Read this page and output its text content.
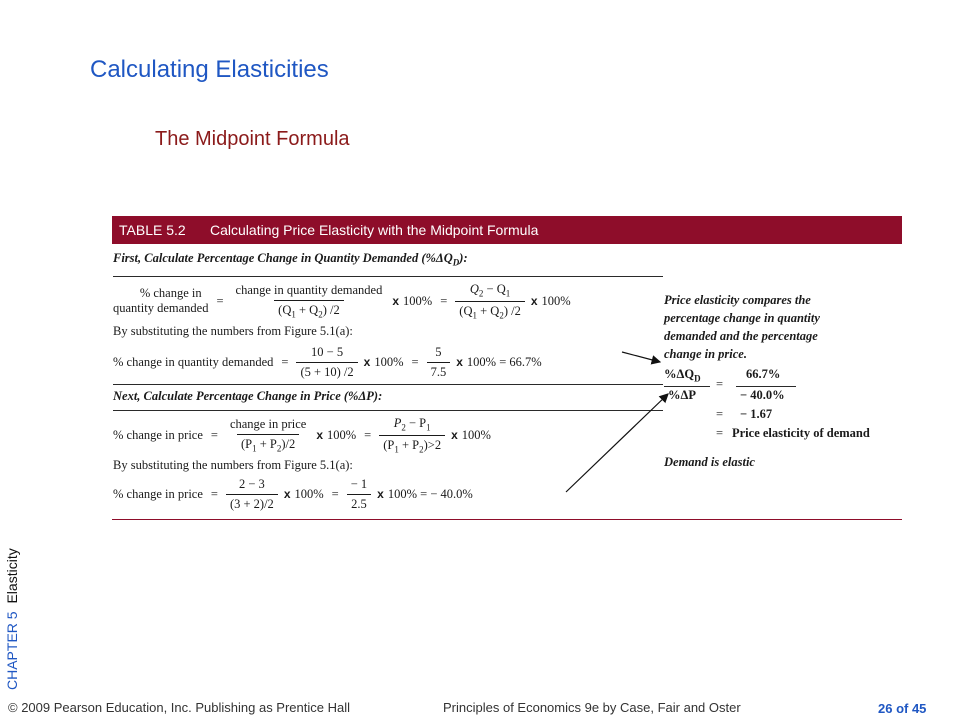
Calculating Elasticities
The Midpoint Formula
TABLE 5.2 Calculating Price Elasticity with the Midpoint Formula
First, Calculate Percentage Change in Quantity Demanded $(\%\Delta Q_D)$:
% change in
quantity demanded
= $\frac{\text{change in quantity demanded}}{(Q_1 + Q_2) /2}$ x $100\% = \frac{Q_2 - Q_1}{(Q_1 + Q_2) /2}$ x 100%
By substituting the numbers from Figure 5.1(a):
% change in quantity demanded = $\frac{10 - 5}{(5 + 10) /2}$ x $100\% = \frac{5}{7.5}$ x 100% = 66.7%
Next, Calculate Percentage Change in Price (%ΔP):
% change in price = $\frac{\text{change in price}}{(P_1 + P_2)/2}$ x $100\% = \frac{P_2 - P_1}{(P_1 + P_2)>2}$ x 100%
By substituting the numbers from Figure 5.1(a):
% change in price = $\frac{2 - 3}{(3 + 2)/2}$ x $100\% = \frac{- 1}{2.5}$ x 100% = − 40.0%
Price elasticity compares the
percentage change in quantity
demanded and the percentage
change in price.
$\%\Delta Q_D$
%ΔP
=
66.7%
− 40.0%
= − 1.67
= Price elasticity of demand
Demand is elastic
CHAPTER 5 Elasticity
© 2009 Pearson Education, Inc. Publishing as Prentice Hall	Principles of Economics 9e by Case, Fair and Oster	26 of 45
